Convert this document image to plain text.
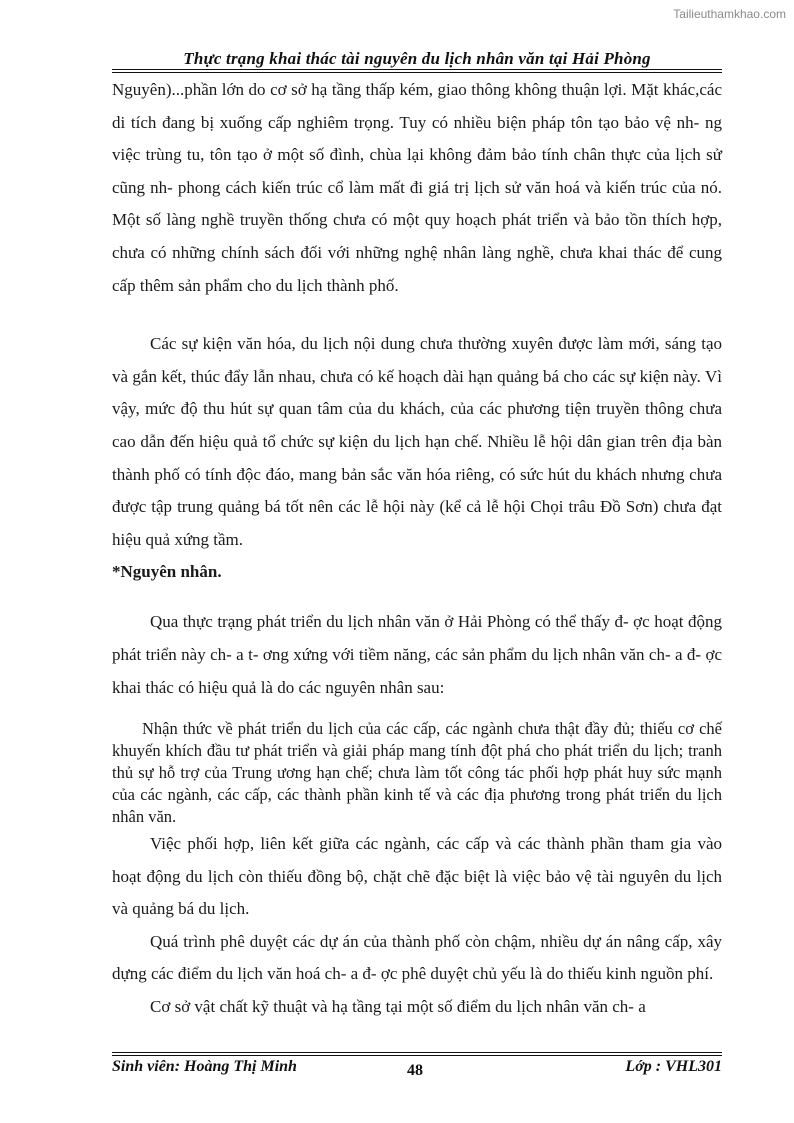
Tailieuthamkhao.com
Thực trạng khai thác tài nguyên du lịch nhân văn tại Hải Phòng

Nguyên)...phần lớn do cơ sở hạ tầng thấp kém, giao thông không thuận lợi. Mặt khác,các di tích đang bị xuống cấp nghiêm trọng. Tuy có nhiều biện pháp tôn tạo bảo vệ nh- ng việc trùng tu, tôn tạo ở một số đình, chùa lại không đảm bảo tính chân thực của lịch sử cũng nh- phong cách kiến trúc cổ làm mất đi giá trị lịch sử văn hoá và kiến trúc của nó. Một số làng nghề truyền thống chưa có một quy hoạch phát triển và bảo tồn thích hợp, chưa có những chính sách đối với những nghệ nhân làng nghề, chưa khai thác để cung cấp thêm sản phẩm cho du lịch thành phố.

Các sự kiện văn hóa, du lịch nội dung chưa thường xuyên được làm mới, sáng tạo và gắn kết, thúc đẩy lẫn nhau, chưa có kế hoạch dài hạn quảng bá cho các sự kiện này. Vì vậy, mức độ thu hút sự quan tâm của du khách, của các phương tiện truyền thông chưa cao dẫn đến hiệu quả tổ chức sự kiện du lịch hạn chế. Nhiều lễ hội dân gian trên địa bàn thành phố có tính độc đáo, mang bản sắc văn hóa riêng, có sức hút du khách nhưng chưa được tập trung quảng bá tốt nên các lễ hội này (kể cả lễ hội Chọi trâu Đồ Sơn) chưa đạt hiệu quả xứng tầm.

*Nguyên nhân.

Qua thực trạng phát triển du lịch nhân văn ở Hải Phòng có thể thấy đ- ợc hoạt động phát triển này ch- a t- ơng xứng với tiềm năng, các sản phẩm du lịch nhân văn ch- a đ- ợc khai thác có hiệu quả là do các nguyên nhân sau:

Nhận thức về phát triển du lịch của các cấp, các ngành chưa thật đầy đủ; thiếu cơ chế khuyến khích đầu tư phát triển và giải pháp mang tính đột phá cho phát triển du lịch; tranh thủ sự hỗ trợ của Trung ương hạn chế; chưa làm tốt công tác phối hợp phát huy sức mạnh của các ngành, các cấp, các thành phần kinh tế và các địa phương trong phát triển du lịch nhân văn.

Việc phối hợp, liên kết giữa các ngành, các cấp và các thành phần tham gia vào hoạt động du lịch còn thiếu đồng bộ, chặt chẽ đặc biệt là việc bảo vệ tài nguyên du lịch và quảng bá du lịch.

Quá trình phê duyệt các dự án của thành phố còn chậm, nhiều dự án nâng cấp, xây dựng các điểm du lịch văn hoá ch- a đ- ợc phê duyệt chủ yếu là do thiếu kinh nguồn phí.

Cơ sở vật chất kỹ thuật và hạ tầng tại một số điểm du lịch nhân văn ch- a

Sinh viên: Hoàng Thị Minh	48	Lớp : VHL301
